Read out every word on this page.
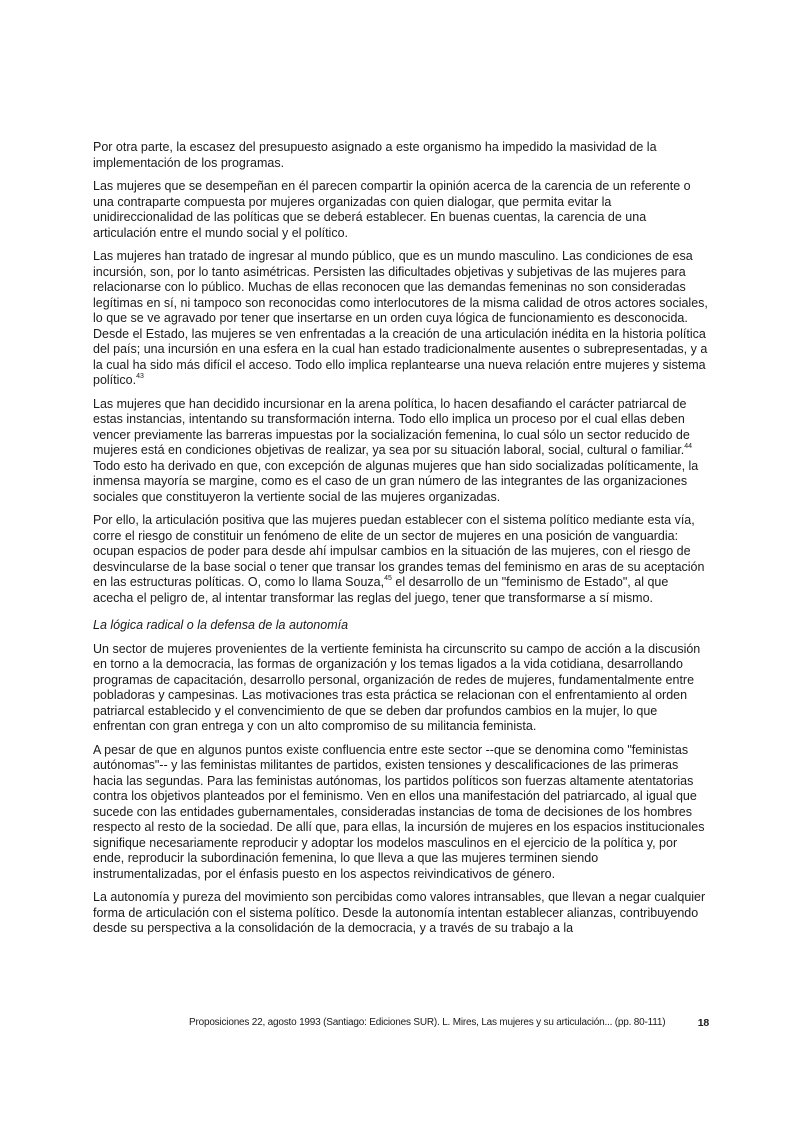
Por otra parte, la escasez del presupuesto asignado a este organismo ha impedido la masividad de la implementación de los programas.

Las mujeres que se desempeñan en él parecen compartir la opinión acerca de la carencia de un referente o una contraparte compuesta por mujeres organizadas con quien dialogar, que permita evitar la unidireccionalidad de las políticas que se deberá establecer. En buenas cuentas, la carencia de una articulación entre el mundo social y el político.

Las mujeres han tratado de ingresar al mundo público, que es un mundo masculino. Las condiciones de esa incursión, son, por lo tanto asimétricas. Persisten las dificultades objetivas y subjetivas de las mujeres para relacionarse con lo público. Muchas de ellas reconocen que las demandas femeninas no son consideradas legítimas en sí, ni tampoco son reconocidas como interlocutores de la misma calidad de otros actores sociales, lo que se ve agravado por tener que insertarse en un orden cuya lógica de funcionamiento es desconocida. Desde el Estado, las mujeres se ven enfrentadas a la creación de una articulación inédita en la historia política del país; una incursión en una esfera en la cual han estado tradicionalmente ausentes o subrepresentadas, y a la cual ha sido más difícil el acceso. Todo ello implica replantearse una nueva relación entre mujeres y sistema político.$^{43}$

Las mujeres que han decidido incursionar en la arena política, lo hacen desafiando el carácter patriarcal de estas instancias, intentando su transformación interna. Todo ello implica un proceso por el cual ellas deben vencer previamente las barreras impuestas por la socialización femenina, lo cual sólo un sector reducido de mujeres está en condiciones objetivas de realizar, ya sea por su situación laboral, social, cultural o familiar.$^{44}$ Todo esto ha derivado en que, con excepción de algunas mujeres que han sido socializadas políticamente, la inmensa mayoría se margine, como es el caso de un gran número de las integrantes de las organizaciones sociales que constituyeron la vertiente social de las mujeres organizadas.

Por ello, la articulación positiva que las mujeres puedan establecer con el sistema político mediante esta vía, corre el riesgo de constituir un fenómeno de elite de un sector de mujeres en una posición de vanguardia: ocupan espacios de poder para desde ahí impulsar cambios en la situación de las mujeres, con el riesgo de desvincularse de la base social o tener que transar los grandes temas del feminismo en aras de su aceptación en las estructuras políticas. O, como lo llama Souza,$^{45}$ el desarrollo de un "feminismo de Estado", al que acecha el peligro de, al intentar transformar las reglas del juego, tener que transformarse a sí mismo.

La lógica radical o la defensa de la autonomía

Un sector de mujeres provenientes de la vertiente feminista ha circunscrito su campo de acción a la discusión en torno a la democracia, las formas de organización y los temas ligados a la vida cotidiana, desarrollando programas de capacitación, desarrollo personal, organización de redes de mujeres, fundamentalmente entre pobladoras y campesinas. Las motivaciones tras esta práctica se relacionan con el enfrentamiento al orden patriarcal establecido y el convencimiento de que se deben dar profundos cambios en la mujer, lo que enfrentan con gran entrega y con un alto compromiso de su militancia feminista.

A pesar de que en algunos puntos existe confluencia entre este sector --que se denomina como "feministas autónomas"-- y las feministas militantes de partidos, existen tensiones y descalificaciones de las primeras hacia las segundas. Para las feministas autónomas, los partidos políticos son fuerzas altamente atentatorias contra los objetivos planteados por el feminismo. Ven en ellos una manifestación del patriarcado, al igual que sucede con las entidades gubernamentales, consideradas instancias de toma de decisiones de los hombres respecto al resto de la sociedad. De allí que, para ellas, la incursión de mujeres en los espacios institucionales signifique necesariamente reproducir y adoptar los modelos masculinos en el ejercicio de la política y, por ende, reproducir la subordinación femenina, lo que lleva a que las mujeres terminen siendo instrumentalizadas, por el énfasis puesto en los aspectos reivindicativos de género.

La autonomía y pureza del movimiento son percibidas como valores intransables, que llevan a negar cualquier forma de articulación con el sistema político. Desde la autonomía intentan establecer alianzas, contribuyendo desde su perspectiva a la consolidación de la democracia, y a través de su trabajo a la

Proposiciones 22, agosto 1993 (Santiago: Ediciones SUR). L. Mires, Las mujeres y su articulación... (pp. 80-111)	18
